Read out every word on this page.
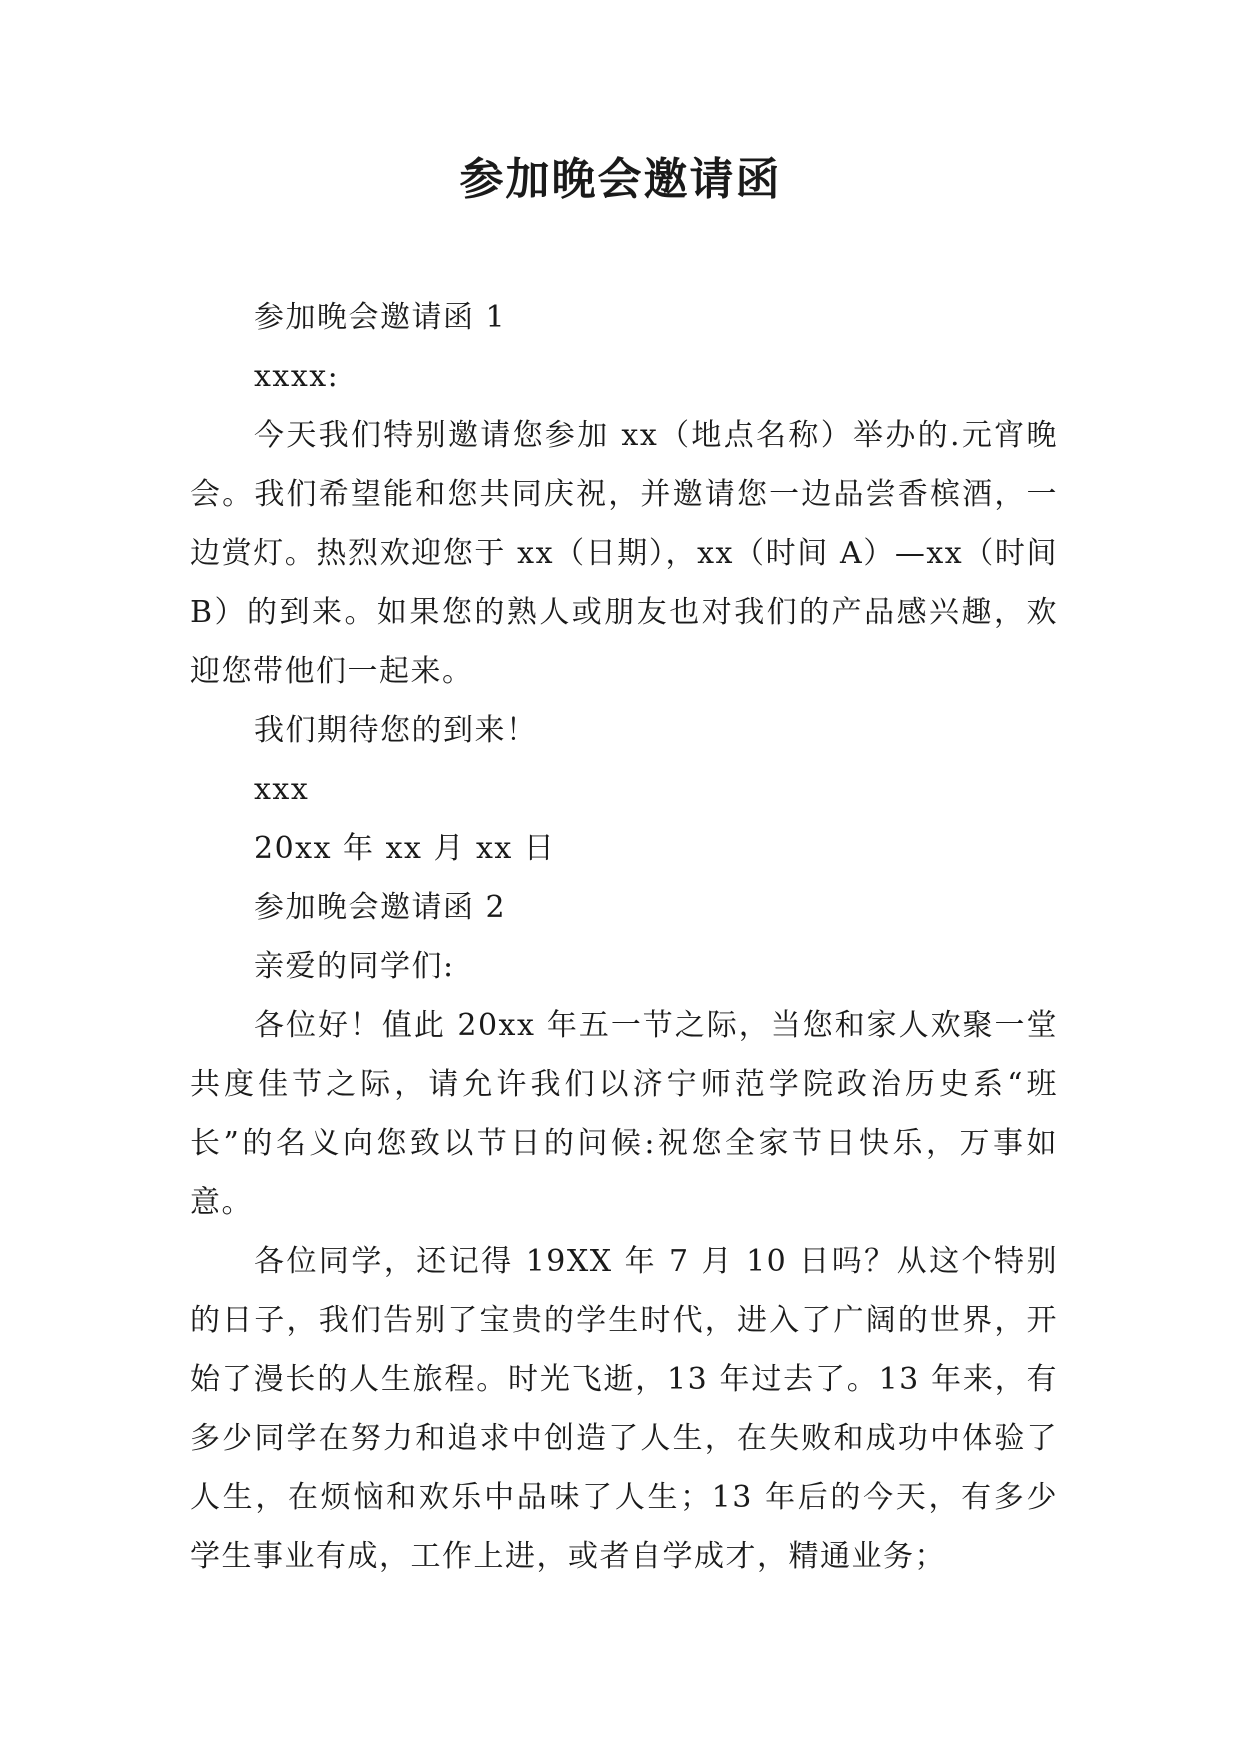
参加晚会邀请函

参加晚会邀请函 1

xxxx:

今天我们特别邀请您参加 xx（地点名称）举办的.元宵晚会。我们希望能和您共同庆祝，并邀请您一边品尝香槟酒，一边赏灯。热烈欢迎您于 xx（日期），xx（时间 A）—xx（时间 B）的到来。如果您的熟人或朋友也对我们的产品感兴趣，欢迎您带他们一起来。

我们期待您的到来！

xxx

20xx 年 xx 月 xx 日

参加晚会邀请函 2

亲爱的同学们:

各位好！值此 20xx 年五一节之际，当您和家人欢聚一堂共度佳节之际，请允许我们以济宁师范学院政治历史系“班长”的名义向您致以节日的问候:祝您全家节日快乐，万事如意。

各位同学，还记得 19XX 年 7 月 10 日吗？从这个特别的日子，我们告别了宝贵的学生时代，进入了广阔的世界，开始了漫长的人生旅程。时光飞逝，13 年过去了。13 年来，有多少同学在努力和追求中创造了人生，在失败和成功中体验了人生，在烦恼和欢乐中品味了人生；13 年后的今天，有多少学生事业有成，工作上进，或者自学成才，精通业务；
